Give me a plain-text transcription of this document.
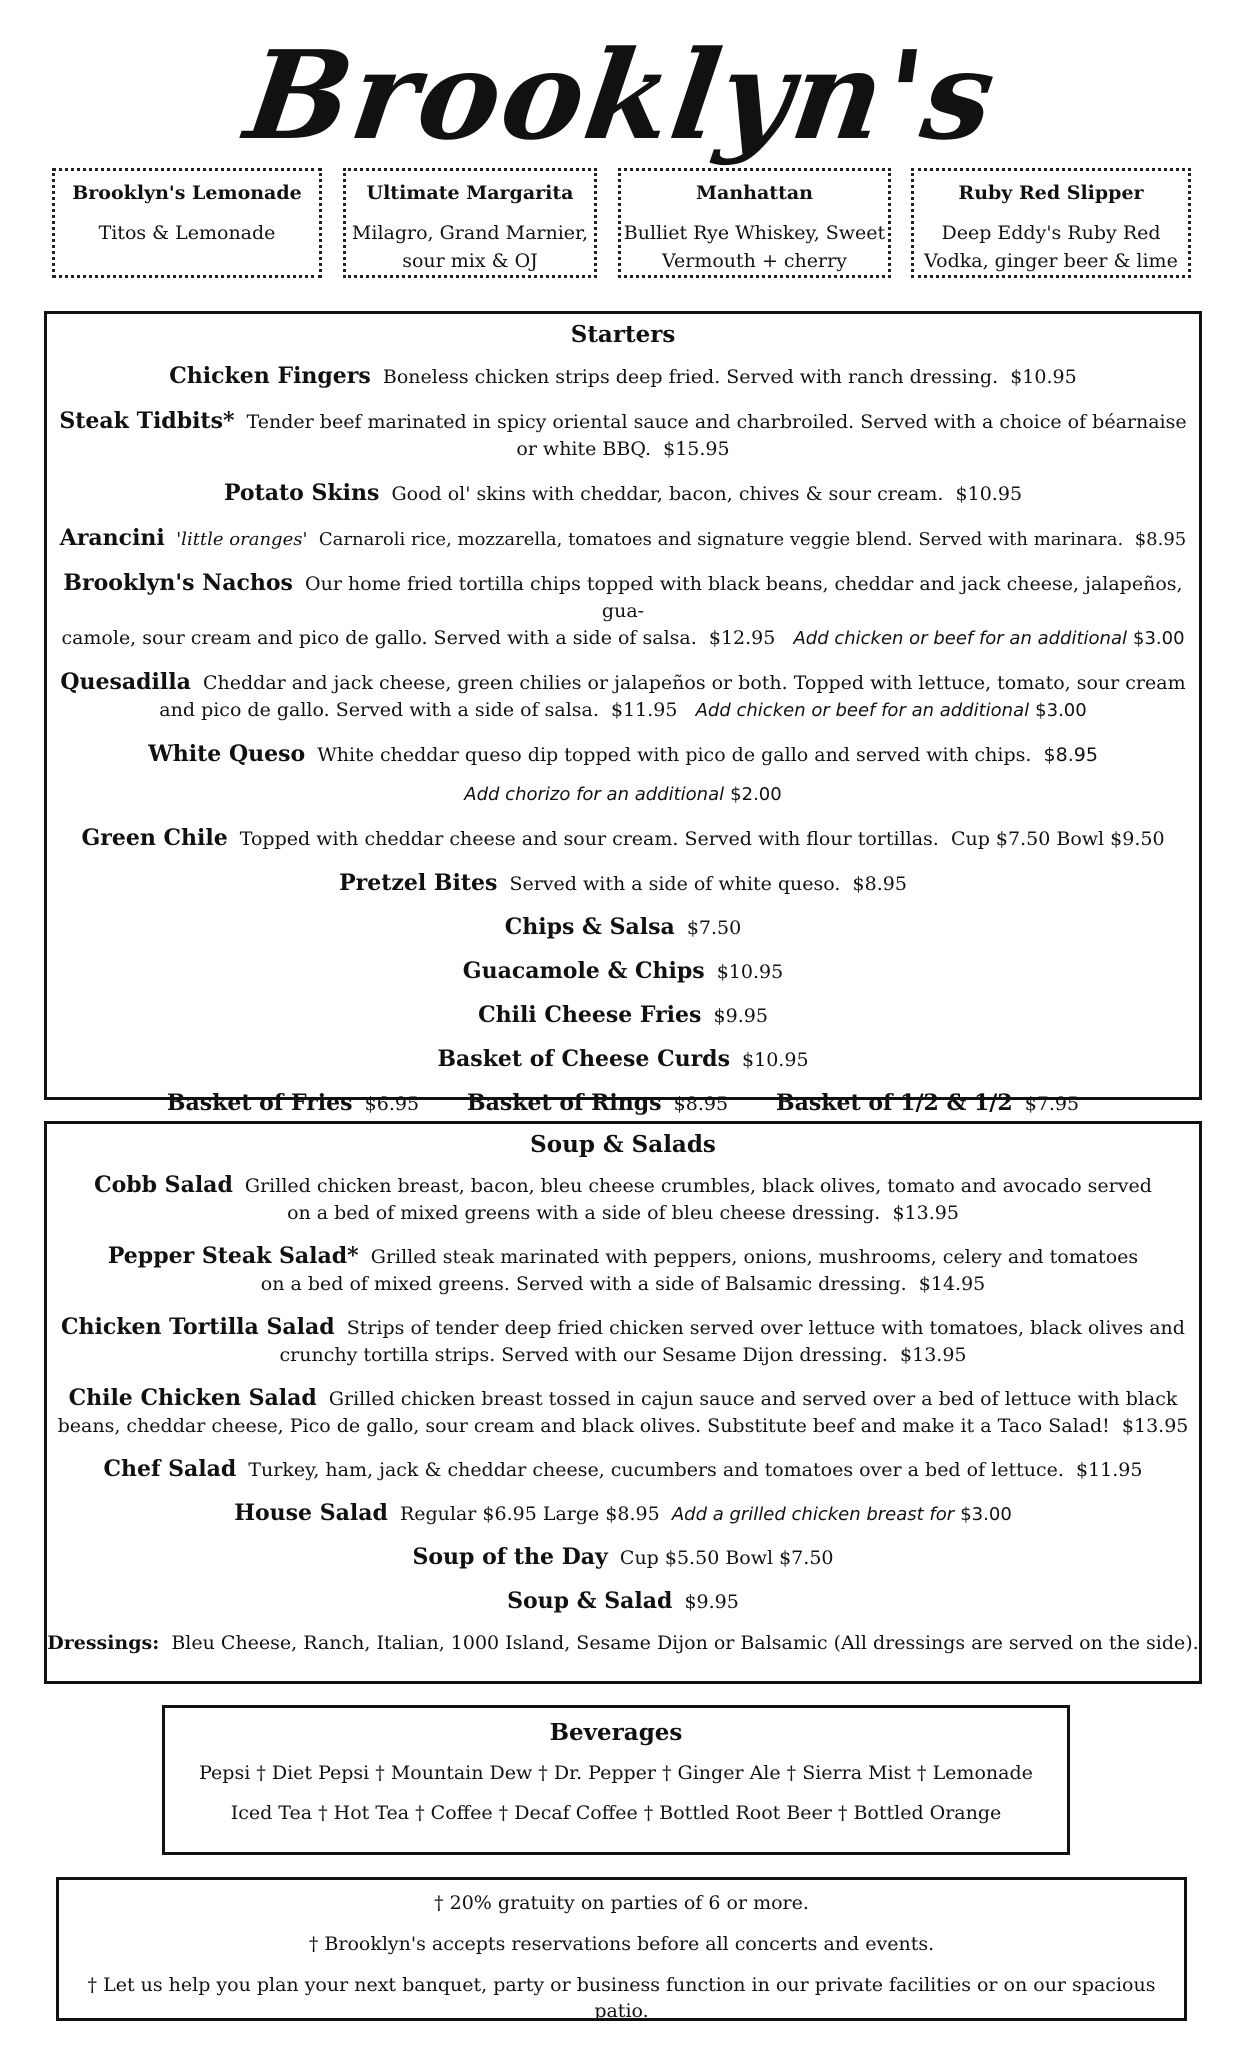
Brooklyn's
Brooklyn's Lemonade
Titos & Lemonade
Ultimate Margarita
Milagro, Grand Marnier,
sour mix & OJ
Manhattan
Bulliet Rye Whiskey, Sweet
Vermouth + cherry
Ruby Red Slipper
Deep Eddy's Ruby Red
Vodka, ginger beer & lime
Starters

Chicken Fingers Boneless chicken strips deep fried. Served with ranch dressing. $10.95

Steak Tidbits* Tender beef marinated in spicy oriental sauce and charbroiled. Served with a choice of béarnaise
or white BBQ. $15.95

Potato Skins Good ol' skins with cheddar, bacon, chives & sour cream. $10.95

Arancini 'little oranges' Carnaroli rice, mozzarella, tomatoes and signature veggie blend. Served with marinara. $8.95

Brooklyn's Nachos Our home fried tortilla chips topped with black beans, cheddar and jack cheese, jalapeños, gua-
camole, sour cream and pico de gallo. Served with a side of salsa. $12.95 Add chicken or beef for an additional $3.00

Quesadilla Cheddar and jack cheese, green chilies or jalapeños or both. Topped with lettuce, tomato, sour cream
and pico de gallo. Served with a side of salsa. $11.95 Add chicken or beef for an additional $3.00

White Queso White cheddar queso dip topped with pico de gallo and served with chips. $8.95

Add chorizo for an additional $2.00

Green Chile Topped with cheddar cheese and sour cream. Served with flour tortillas. Cup $7.50 Bowl $9.50

Pretzel Bites Served with a side of white queso. $8.95

Chips & Salsa $7.50

Guacamole & Chips $10.95

Chili Cheese Fries $9.95

Basket of Cheese Curds $10.95

Basket of Fries $6.95 Basket of Rings $8.95 Basket of 1/2 & 1/2 $7.95
Soup & Salads

Cobb Salad Grilled chicken breast, bacon, bleu cheese crumbles, black olives, tomato and avocado served
on a bed of mixed greens with a side of bleu cheese dressing. $13.95

Pepper Steak Salad* Grilled steak marinated with peppers, onions, mushrooms, celery and tomatoes
on a bed of mixed greens. Served with a side of Balsamic dressing. $14.95

Chicken Tortilla Salad Strips of tender deep fried chicken served over lettuce with tomatoes, black olives and
crunchy tortilla strips. Served with our Sesame Dijon dressing. $13.95

Chile Chicken Salad Grilled chicken breast tossed in cajun sauce and served over a bed of lettuce with black
beans, cheddar cheese, Pico de gallo, sour cream and black olives. Substitute beef and make it a Taco Salad! $13.95

Chef Salad Turkey, ham, jack & cheddar cheese, cucumbers and tomatoes over a bed of lettuce. $11.95

House Salad Regular $6.95 Large $8.95 Add a grilled chicken breast for $3.00

Soup of the Day Cup $5.50 Bowl $7.50

Soup & Salad $9.95

Dressings: Bleu Cheese, Ranch, Italian, 1000 Island, Sesame Dijon or Balsamic (All dressings are served on the side).

Beverages
Pepsi † Diet Pepsi † Mountain Dew † Dr. Pepper † Ginger Ale † Sierra Mist † Lemonade
Iced Tea † Hot Tea † Coffee † Decaf Coffee † Bottled Root Beer † Bottled Orange
† 20% gratuity on parties of 6 or more.
† Brooklyn's accepts reservations before all concerts and events.
† Let us help you plan your next banquet, party or business function in our private facilities or on our spacious patio.
